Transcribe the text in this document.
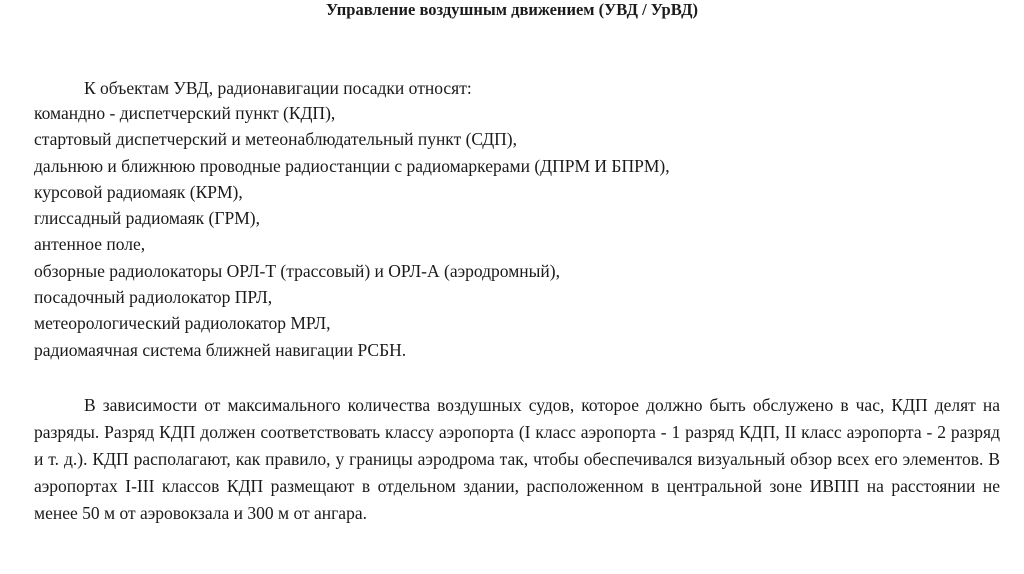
Управление воздушным движением (УВД / УрВД)

К объектам УВД, радионавигации посадки относят:

командно - диспетчерский пункт (КДП),
стартовый диспетчерский и метеонаблюдательный пункт (СДП),
дальнюю и ближнюю проводные радиостанции с радиомаркерами (ДПРМ И БПРМ),
курсовой радиомаяк (КРМ),
глиссадный радиомаяк (ГРМ),
антенное поле,
обзорные радиолокаторы ОРЛ-Т (трассовый) и ОРЛ-А (аэродромный),
посадочный радиолокатор ПРЛ,
метеорологический радиолокатор МРЛ,
радиомаячная система ближней навигации РСБН.

В зависимости от максимального количества воздушных судов, которое должно быть обслужено в час, КДП делят на разряды. Разряд КДП должен соответствовать классу аэропорта (I класс аэропорта - 1 разряд КДП, II класс аэропорта - 2 разряд и т. д.). КДП располагают, как правило, у границы аэродрома так, чтобы обеспечивался визуальный обзор всех его элементов. В аэропортах I-III классов КДП размещают в отдельном здании, расположенном в центральной зоне ИВПП на расстоянии не менее 50 м от аэровокзала и 300 м от ангара.
